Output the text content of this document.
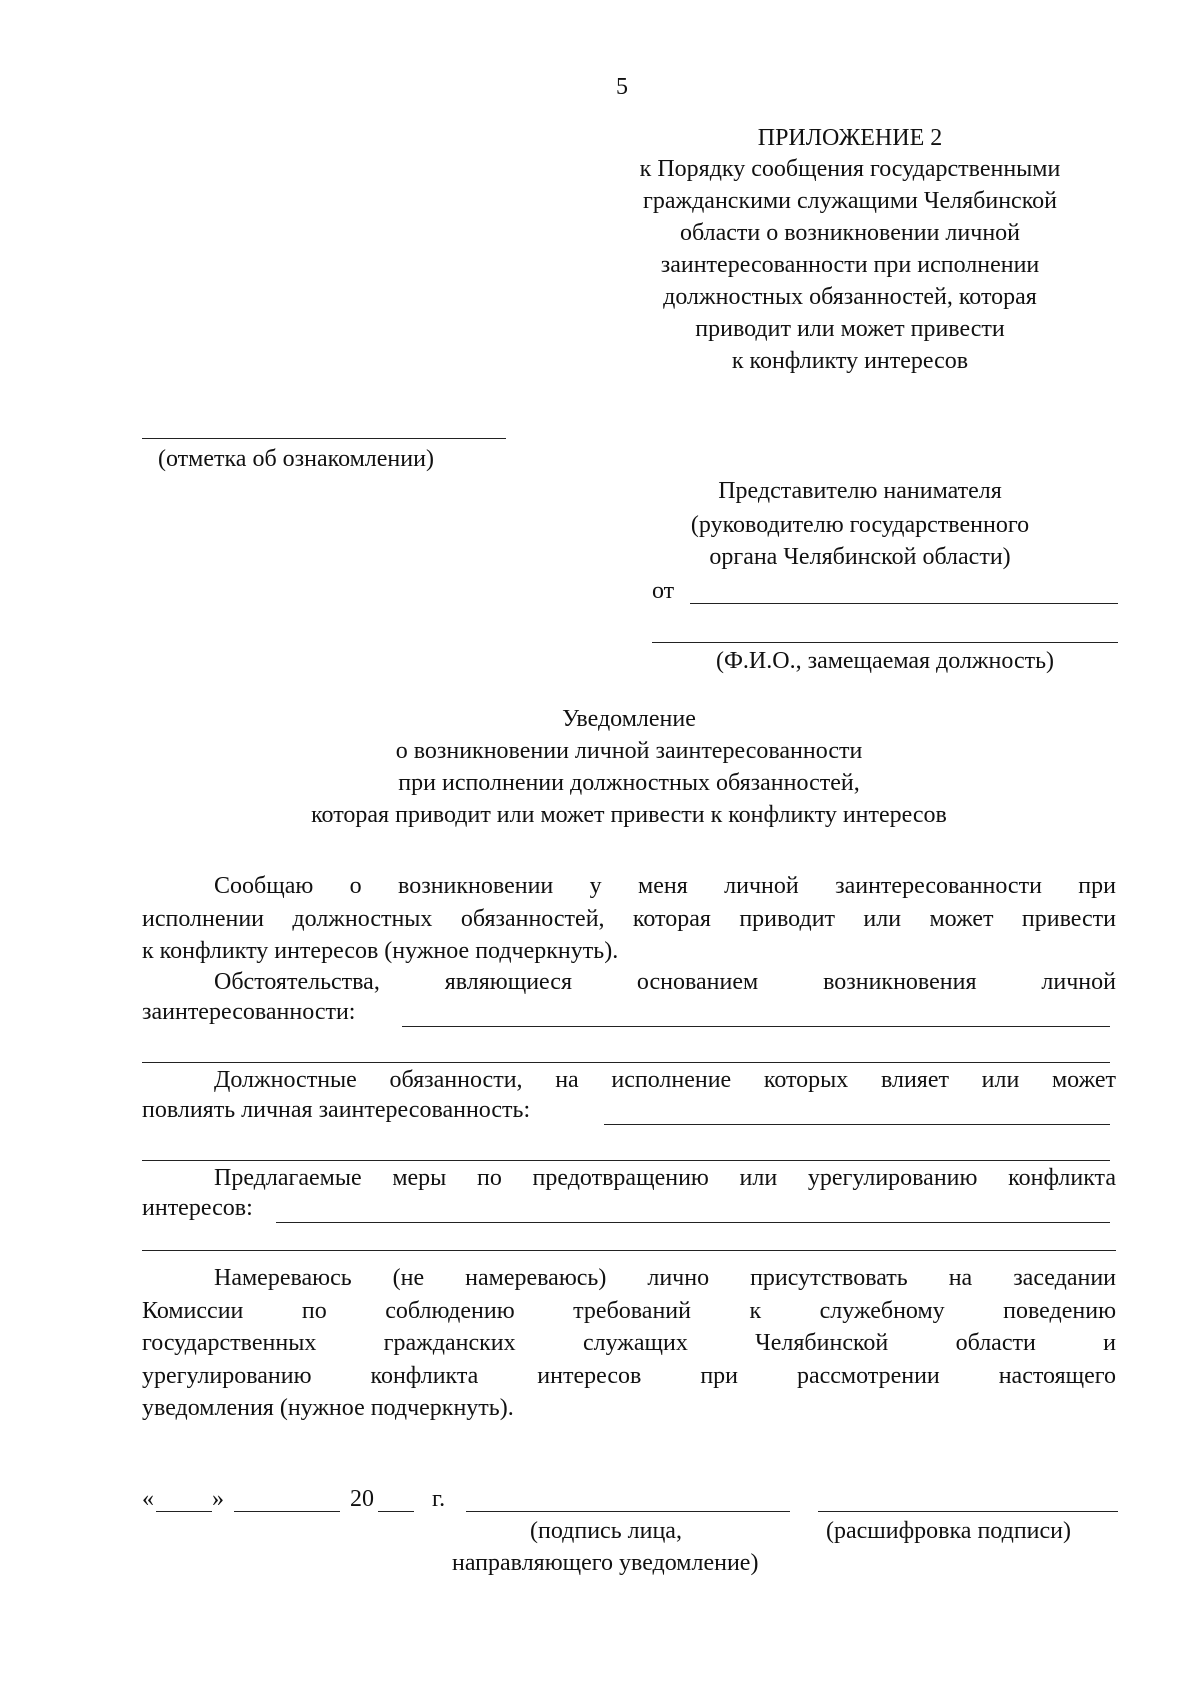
5
ПРИЛОЖЕНИЕ 2
к Порядку сообщения государственными
гражданскими служащими Челябинской
области о возникновении личной
заинтересованности при исполнении
должностных обязанностей, которая
приводит или может привести
к конфликту интересов
(отметка об ознакомлении)
Представителю нанимателя
(руководителю государственного
органа Челябинской области)
от
(Ф.И.О., замещаемая должность)
Уведомление
о возникновении личной заинтересованности
при исполнении должностных обязанностей,
которая приводит или может привести к конфликту интересов
Сообщаю о возникновении у меня личной заинтересованности при
исполнении должностных обязанностей, которая приводит или может привести
к конфликту интересов (нужное подчеркнуть).
Обстоятельства, являющиеся основанием возникновения личной
заинтересованности:
Должностные обязанности, на исполнение которых влияет или может
повлиять личная заинтересованность:
Предлагаемые меры по предотвращению или урегулированию конфликта
интересов:
Намереваюсь (не намереваюсь) лично присутствовать на заседании
Комиссии по соблюдению требований к служебному поведению
государственных гражданских служащих Челябинской области и
урегулированию конфликта интересов при рассмотрении настоящего
уведомления (нужное подчеркнуть).
« »	20 г.
(подпись лица,	(расшифровка подписи)
направляющего уведомление)
